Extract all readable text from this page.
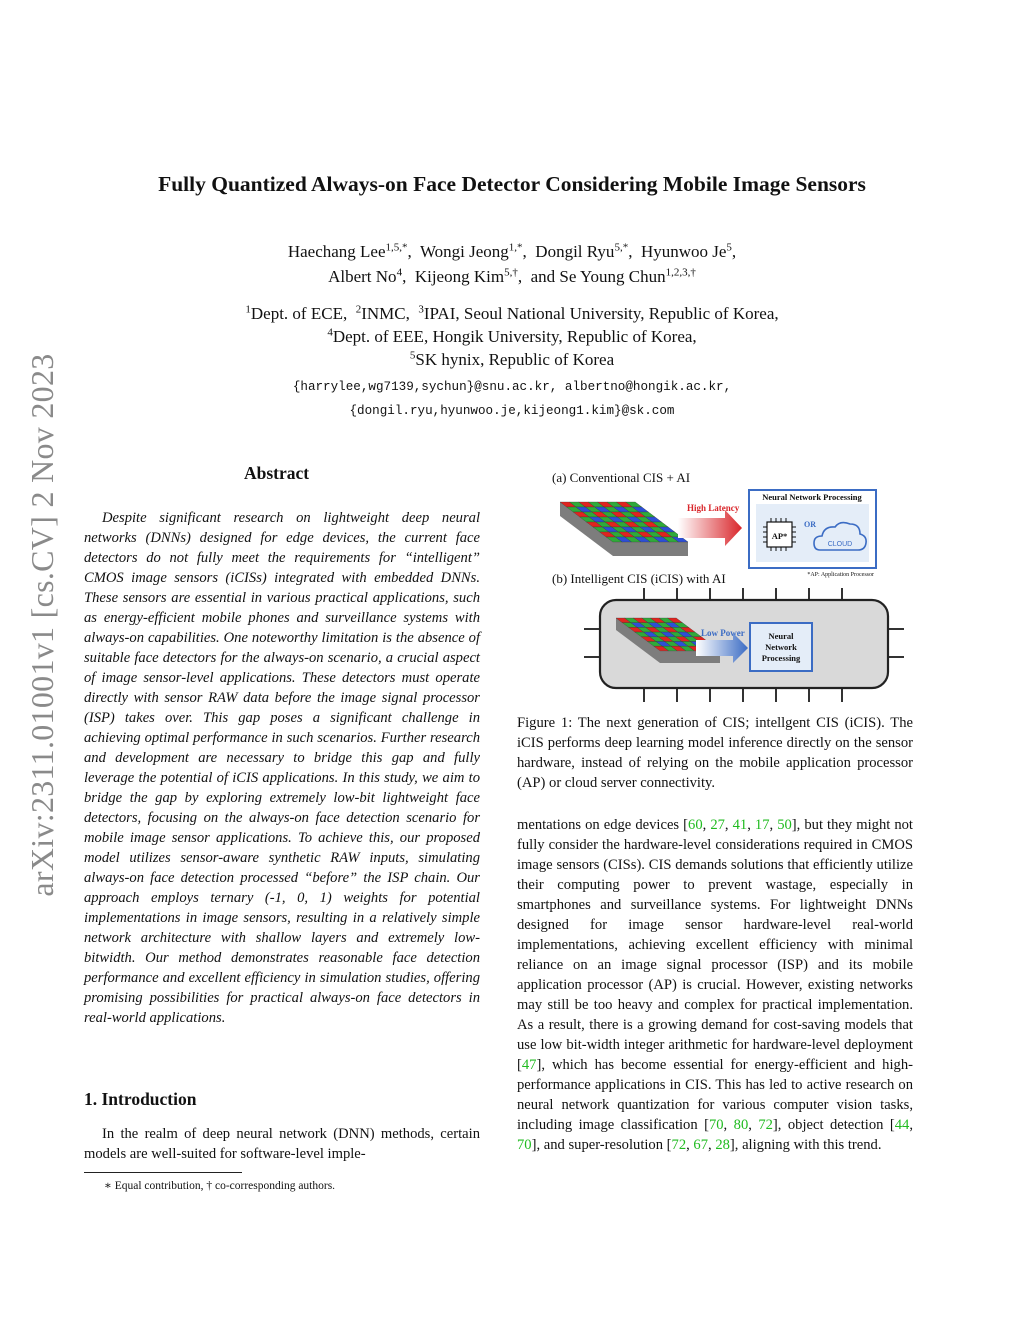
arXiv:2311.01001v1 [cs.CV] 2 Nov 2023
Fully Quantized Always-on Face Detector Considering Mobile Image Sensors
Haechang Lee$^{1,5,*}$,  Wongi Jeong$^{1,*}$,  Dongil Ryu$^{5,*}$,  Hyunwoo Je$^5$,
Albert No$^4$,  Kijeong Kim$^{5,\dagger}$,  and Se Young Chun$^{1,2,3,\dagger}$
$^1$Dept. of ECE, $^2$INMC, $^3$IPAI, Seoul National University, Republic of Korea,
$^4$Dept. of EEE, Hongik University, Republic of Korea,
$^5$SK hynix, Republic of Korea
{harrylee,wg7139,sychun}@snu.ac.kr, albertno@hongik.ac.kr,
{dongil.ryu,hyunwoo.je,kijeong1.kim}@sk.com
Abstract
Despite significant research on lightweight deep neural networks (DNNs) designed for edge devices, the current face detectors do not fully meet the requirements for “intelligent” CMOS image sensors (iCISs) integrated with embedded DNNs. These sensors are essential in various practical applications, such as energy-efficient mobile phones and surveillance systems with always-on capabilities. One noteworthy limitation is the absence of suitable face detectors for the always-on scenario, a crucial aspect of image sensor-level applications. These detectors must operate directly with sensor RAW data before the image signal processor (ISP) takes over. This gap poses a significant challenge in achieving optimal performance in such scenarios. Further research and development are necessary to bridge this gap and fully leverage the potential of iCIS applications. In this study, we aim to bridge the gap by exploring extremely low-bit lightweight face detectors, focusing on the always-on face detection scenario for mobile image sensor applications. To achieve this, our proposed model utilizes sensor-aware synthetic RAW inputs, simulating always-on face detection processed “before” the ISP chain. Our approach employs ternary (-1, 0, 1) weights for potential implementations in image sensors, resulting in a relatively simple network architecture with shallow layers and extremely low-bitwidth. Our method demonstrates reasonable face detection performance and excellent efficiency in simulation studies, offering promising possibilities for practical always-on face detectors in real-world applications.
1. Introduction
In the realm of deep neural network (DNN) methods, certain models are well-suited for software-level imple-
∗ Equal contribution, † co-corresponding authors.
(a) Conventional CIS + AI
High Latency
Neural Network Processing
AP*
OR
CLOUD
*AP: Application Processor
(b) Intelligent CIS (iCIS) with AI
Low Power	Neural
Network
Processing
Figure 1: The next generation of CIS; intellgent CIS (iCIS). The iCIS performs deep learning model inference directly on the sensor hardware, instead of relying on the mobile application processor (AP) or cloud server connectivity.
mentations on edge devices [60, 27, 41, 17, 50], but they might not fully consider the hardware-level considerations required in CMOS image sensors (CISs). CIS demands solutions that efficiently utilize their computing power to prevent wastage, especially in smartphones and surveillance systems. For lightweight DNNs designed for image sensor hardware-level real-world implementations, achieving excellent efficiency with minimal reliance on an image signal processor (ISP) and its mobile application processor (AP) is crucial. However, existing networks may still be too heavy and complex for practical implementation. As a result, there is a growing demand for cost-saving models that use low bit-width integer arithmetic for hardware-level deployment [47], which has become essential for energy-efficient and high-performance applications in CIS. This has led to active research on neural network quantization for various computer vision tasks, including image classification [70, 80, 72], object detection [44, 70], and super-resolution [72, 67, 28], aligning with this trend.
